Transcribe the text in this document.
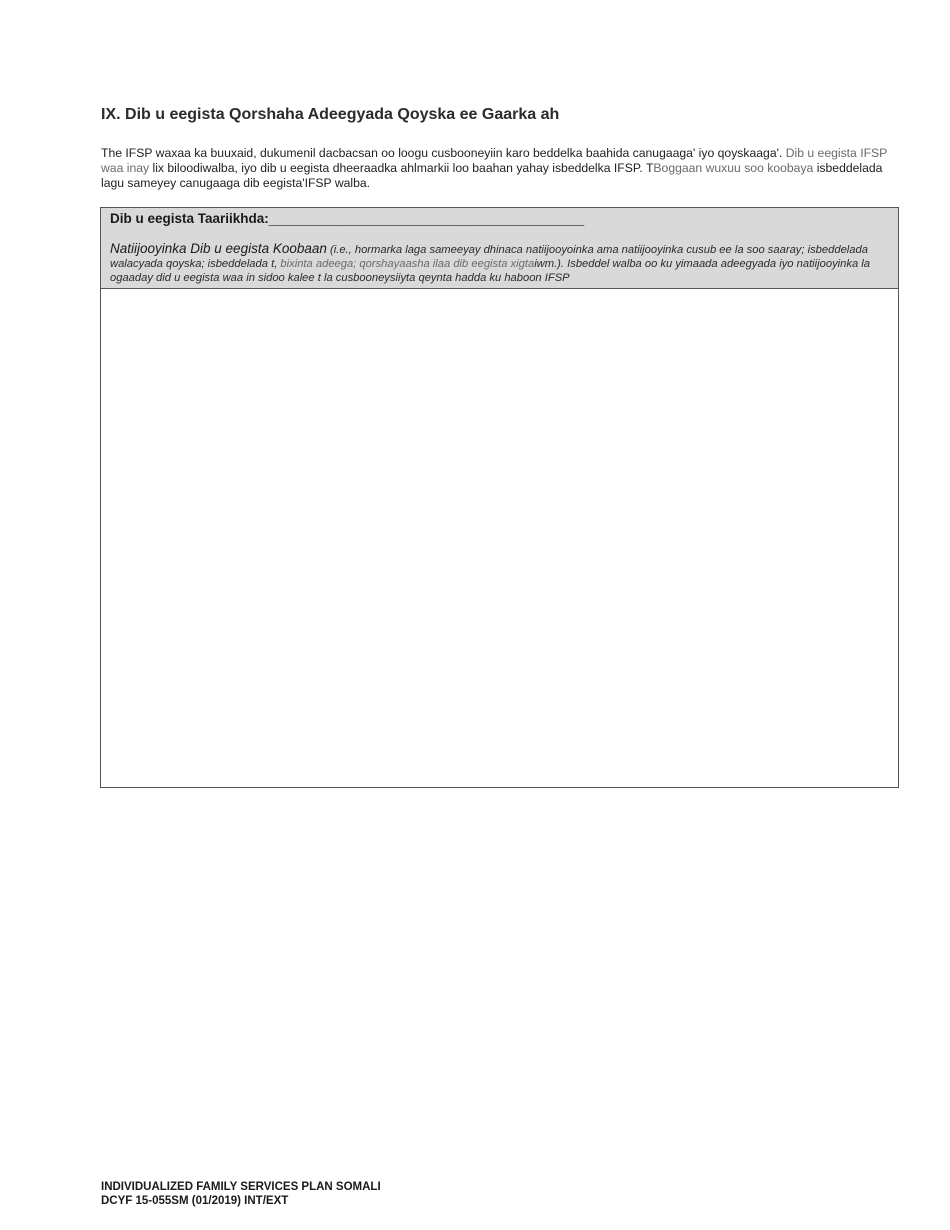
IX. Dib u eegista Qorshaha Adeegyada Qoyska ee Gaarka ah

The IFSP waxaa ka buuxaid, dukumenil dacbacsan oo loogu cusbooneyiin karo beddelka baahida canugaaga' iyo qoyskaaga'. Dib u eegista IFSP waa inay lix biloodiwalba, iyo dib u eegista dheeraadka ahlmarkii loo baahan yahay isbeddelka IFSP. TBoggaan wuxuu soo koobaya isbeddelada lagu sameyey canugaaga dib eegista'IFSP walba.

Dib u eegista Taariikhda:__________________________________________
Natiijooyinka Dib u eegista Koobaan (i.e., hormarka laga sameeyay dhinaca natiijooyoinka ama natiijooyinka cusub ee la soo saaray; isbeddelada walacyada qoyska; isbeddelada t, bixinta adeega; qorshayaasha ilaa dib eegista xigtaiwm.). Isbeddel walba oo ku yimaada adeegyada iyo natiijooyinka la ogaaday did u eegista waa in sidoo kalee t la cusbooneysiiyta qeynta hadda ku haboon IFSP
INDIVIDUALIZED FAMILY SERVICES PLAN SOMALI
DCYF 15-055SM (01/2019) INT/EXT
